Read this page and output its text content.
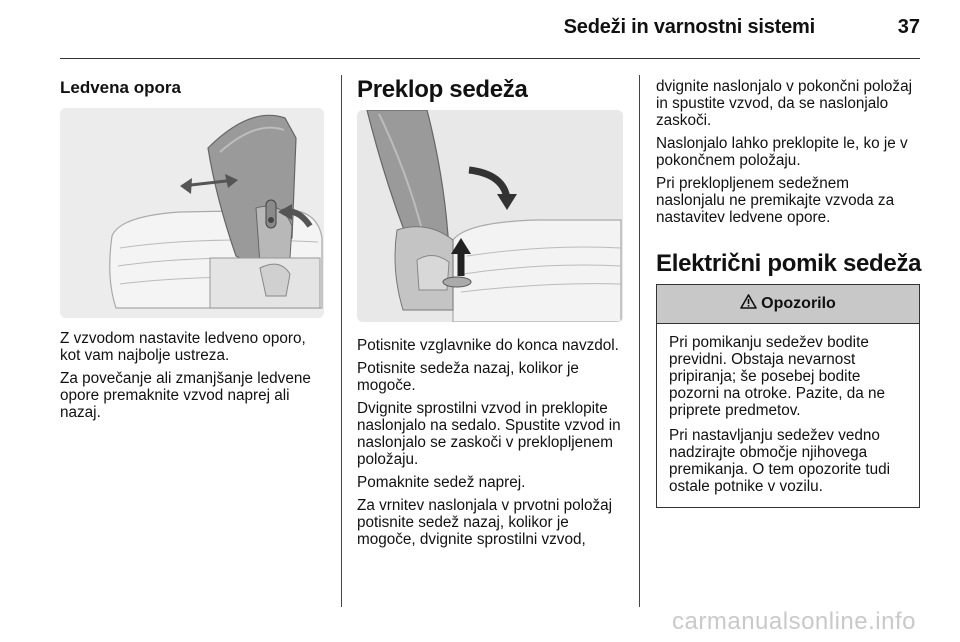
Sedeži in varnostni sistemi	37
Ledvena opora

Z vzvodom nastavite ledveno oporo, kot vam najbolje ustreza.

Za povečanje ali zmanjšanje ledvene opore premaknite vzvod naprej ali nazaj.

Preklop sedeža

Potisnite vzglavnike do konca navzdol.

Potisnite sedeža nazaj, kolikor je mogoče.

Dvignite sprostilni vzvod in preklopite naslonjalo na sedalo. Spustite vzvod in naslonjalo se zaskoči v preklopljenem položaju.

Pomaknite sedež naprej.

Za vrnitev naslonjala v prvotni položaj potisnite sedež nazaj, kolikor je mogoče, dvignite sprostilni vzvod,

dvignite naslonjalo v pokončni položaj in spustite vzvod, da se naslonjalo zaskoči.

Naslonjalo lahko preklopite le, ko je v pokončnem položaju.

Pri preklopljenem sedežnem naslonjalu ne premikajte vzvoda za nastavitev ledvene opore.

Električni pomik sedeža
Opozorilo

Pri pomikanju sedežev bodite previdni. Obstaja nevarnost pripiranja; še posebej bodite pozorni na otroke. Pazite, da ne priprete predmetov.

Pri nastavljanju sedežev vedno nadzirajte območje njihovega premikanja. O tem opozorite tudi ostale potnike v vozilu.

carmanualsonline.info
